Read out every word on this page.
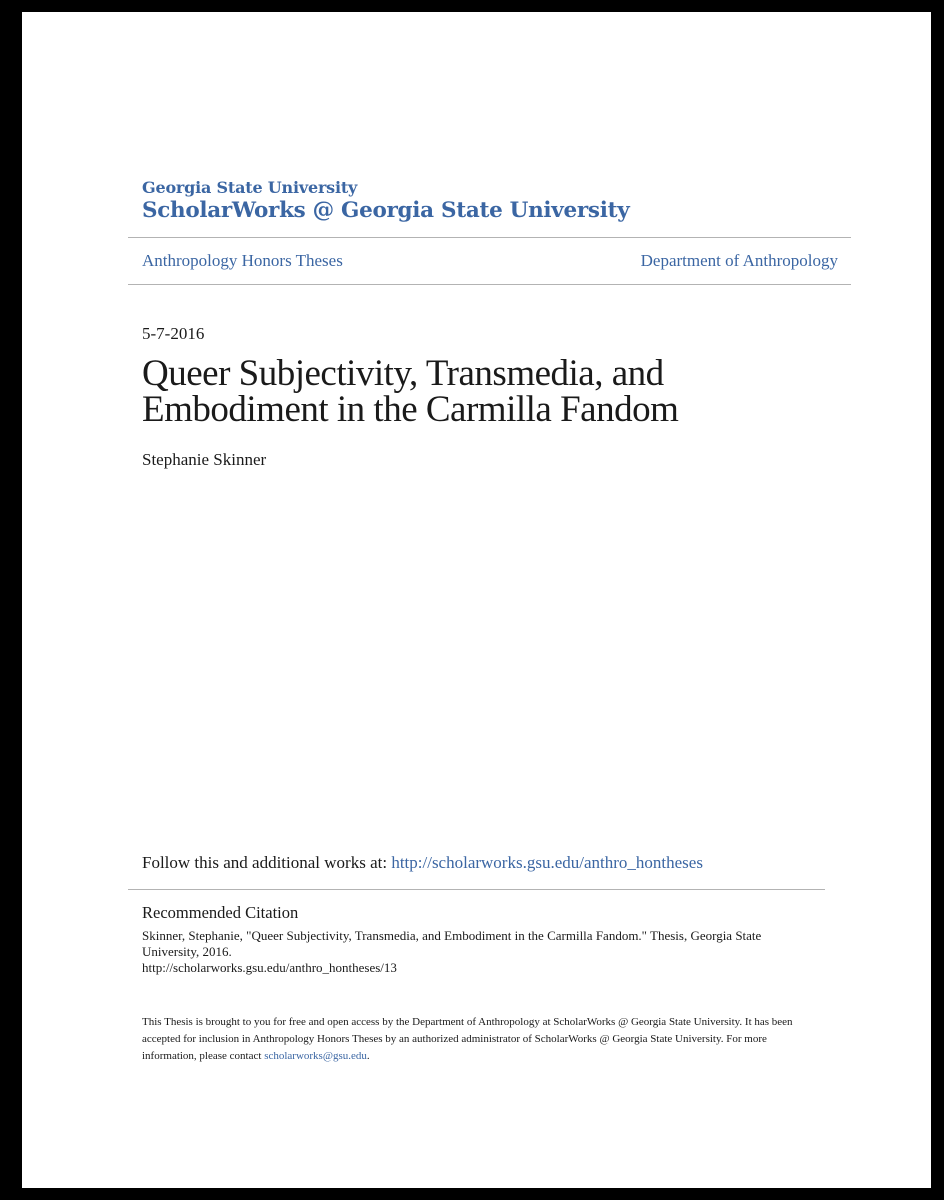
Georgia State University
ScholarWorks @ Georgia State University
Anthropology Honors Theses	Department of Anthropology
5-7-2016
Queer Subjectivity, Transmedia, and Embodiment in the Carmilla Fandom
Stephanie Skinner
Follow this and additional works at: http://scholarworks.gsu.edu/anthro_hontheses
Recommended Citation
Skinner, Stephanie, "Queer Subjectivity, Transmedia, and Embodiment in the Carmilla Fandom." Thesis, Georgia State University, 2016.
http://scholarworks.gsu.edu/anthro_hontheses/13
This Thesis is brought to you for free and open access by the Department of Anthropology at ScholarWorks @ Georgia State University. It has been accepted for inclusion in Anthropology Honors Theses by an authorized administrator of ScholarWorks @ Georgia State University. For more information, please contact scholarworks@gsu.edu.
